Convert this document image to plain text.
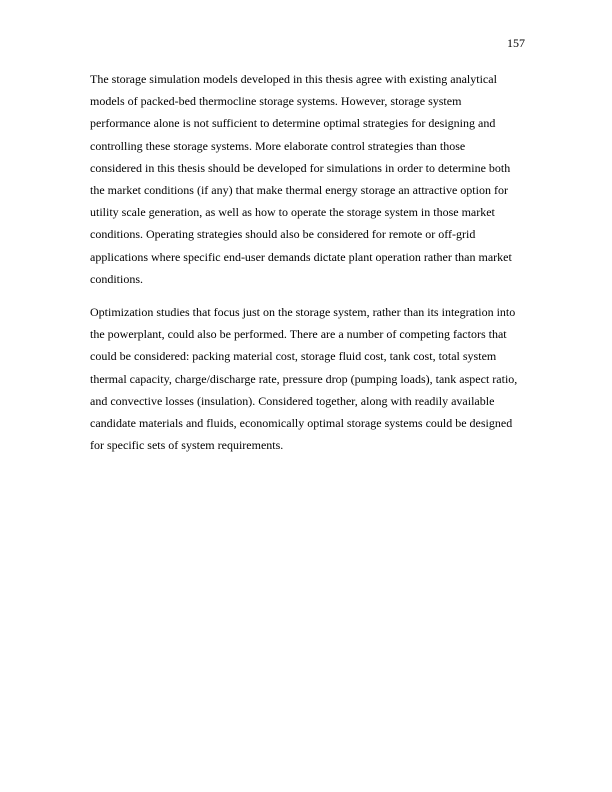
157
The storage simulation models developed in this thesis agree with existing analytical
models of packed-bed thermocline storage systems. However, storage system
performance alone is not sufficient to determine optimal strategies for designing and
controlling these storage systems. More elaborate control strategies than those
considered in this thesis should be developed for simulations in order to determine both
the market conditions (if any) that make thermal energy storage an attractive option for
utility scale generation, as well as how to operate the storage system in those market
conditions. Operating strategies should also be considered for remote or off-grid
applications where specific end-user demands dictate plant operation rather than market
conditions.
Optimization studies that focus just on the storage system, rather than its integration into
the powerplant, could also be performed. There are a number of competing factors that
could be considered: packing material cost, storage fluid cost, tank cost, total system
thermal capacity, charge/discharge rate, pressure drop (pumping loads), tank aspect ratio,
and convective losses (insulation). Considered together, along with readily available
candidate materials and fluids, economically optimal storage systems could be designed
for specific sets of system requirements.
